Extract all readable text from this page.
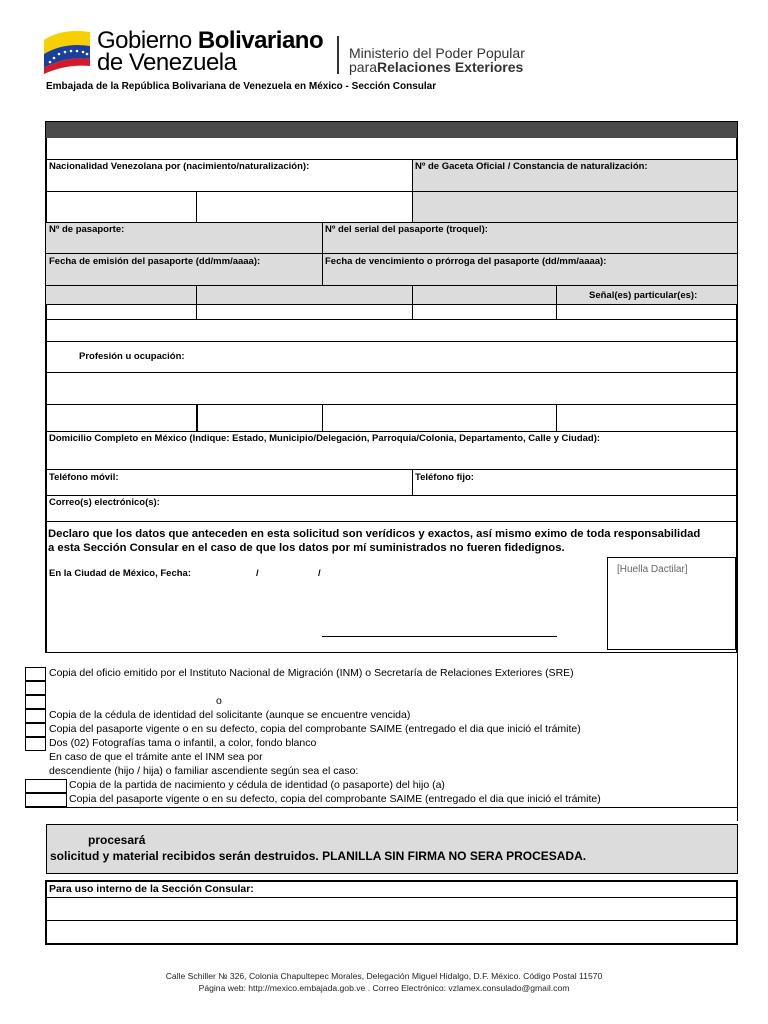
Gobierno Bolivariano
de Venezuela	Ministerio del Poder Popular
paraRelaciones Exteriores
Embajada de la República Bolivariana de Venezuela en México - Sección Consular
Nacionalidad Venezolana por (nacimiento/naturalización):	Nº de Gaceta Oficial / Constancia de naturalización:
Nº de pasaporte:	Nº del serial del pasaporte (troquel):
Fecha de emisión del pasaporte (dd/mm/aaaa):	Fecha de vencimiento o prórroga del pasaporte (dd/mm/aaaa):
Señal(es) particular(es):
Profesión u ocupación:
Domicilio Completo en México (Indique: Estado, Municipio/Delegación, Parroquia/Colonia, Departamento, Calle y Ciudad):
Teléfono móvil:	Teléfono fijo:
Correo(s) electrónico(s):
Declaro que los datos que anteceden en esta solicitud son verídicos y exactos, así mismo eximo de toda responsabilidad
a esta Sección Consular en el caso de que los datos por mí suministrados no fueren fidedignos.
En la Ciudad de México, Fecha:	/	/	[Huella Dactilar]
Copia del oficio emitido por el Instituto Nacional de Migración (INM) o Secretaría de Relaciones Exteriores (SRE)
o
Copia de la cédula de identidad del solicitante (aunque se encuentre vencida)
Copia del pasaporte vigente o en su defecto, copia del comprobante SAIME (entregado el dia que inició el trámite)
Dos (02) Fotografías tama o infantil, a color, fondo blanco
En caso de que el trámite ante el INM sea por
descendiente (hijo / hija) o familiar ascendiente según sea el caso:
Copia de la partida de nacimiento y cédula de identidad (o pasaporte) del hijo (a)
Copia del pasaporte vigente o en su defecto, copia del comprobante SAIME (entregado el dia que inició el trámite)
procesará
solicitud y material recibidos serán destruidos. PLANILLA SIN FIRMA NO SERA PROCESADA.
Para uso interno de la Sección Consular:
Calle Schiller № 326, Colonia Chapultepec Morales, Delegación Miguel Hidalgo, D.F. México. Código Postal 11570
Página web: http://mexico.embajada.gob.ve . Correo Electrónico: vzlamex.consulado@gmail.com
